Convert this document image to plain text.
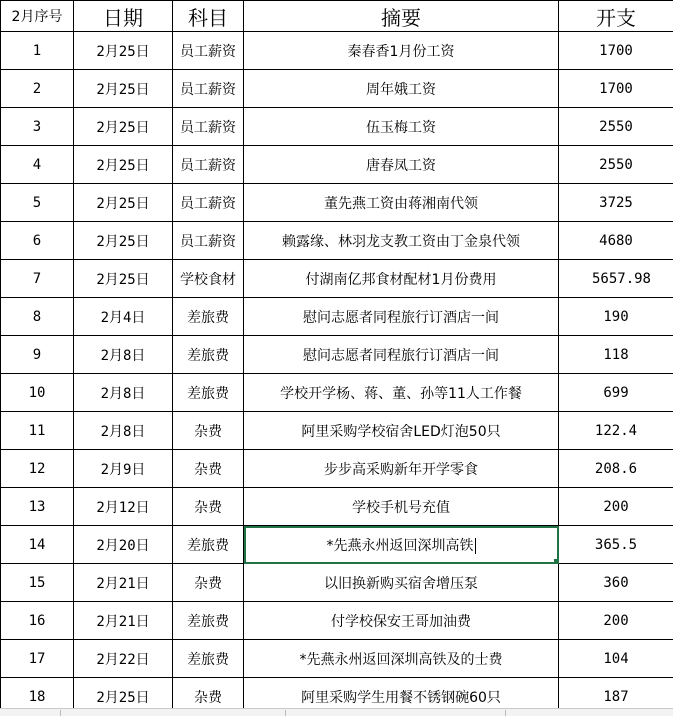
2月序号	日期	科目	摘要	开支
1	2月25日	员工薪资	秦春香1月份工资	1700
2	2月25日	员工薪资	周年娥工资	1700
3	2月25日	员工薪资	伍玉梅工资	2550
4	2月25日	员工薪资	唐春凤工资	2550
5	2月25日	员工薪资	董先燕工资由蒋湘南代领	3725
6	2月25日	员工薪资	赖露缘、林羽龙支教工资由丁金泉代领	4680
7	2月25日	学校食材	付湖南亿邦食材配材1月份费用	5657.98
8	2月4日	差旅费	慰问志愿者同程旅行订酒店一间	190
9	2月8日	差旅费	慰问志愿者同程旅行订酒店一间	118
10	2月8日	差旅费	学校开学杨、蒋、董、孙等11人工作餐	699
11	2月8日	杂费	阿里采购学校宿舍LED灯泡50只	122.4
12	2月9日	杂费	步步高采购新年开学零食	208.6
13	2月12日	杂费	学校手机号充值	200
14	2月20日	差旅费	*先燕永州返回深圳高铁	365.5
15	2月21日	杂费	以旧换新购买宿舍增压泵	360
16	2月21日	差旅费	付学校保安王哥加油费	200
17	2月22日	差旅费	*先燕永州返回深圳高铁及的士费	104
18	2月25日	杂费	阿里采购学生用餐不锈钢碗60只	187
